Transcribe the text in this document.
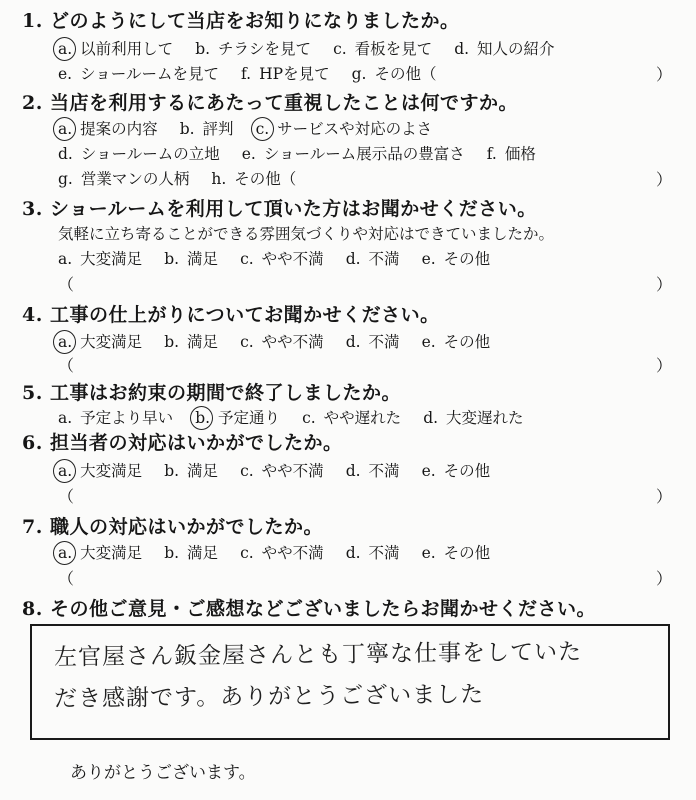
1. どのようにして当店をお知りになりましたか。
a. 以前利用して b. チラシを見て c. 看板を見て d. 知人の紹介
e. ショールームを見て f. HPを見て g. その他（	）
2. 当店を利用するにあたって重視したことは何ですか。
a. 提案の内容 b. 評判 c. サービスや対応のよさ
d. ショールームの立地 e. ショールーム展示品の豊富さ f. 価格
g. 営業マンの人柄 h. その他（	）
3. ショールームを利用して頂いた方はお聞かせください。
気軽に立ち寄ることができる雰囲気づくりや対応はできていましたか。
a. 大変満足 b. 満足 c. やや不満 d. 不満 e. その他
（	）
4. 工事の仕上がりについてお聞かせください。
a. 大変満足 b. 満足 c. やや不満 d. 不満 e. その他
（	）
5. 工事はお約束の期間で終了しましたか。
a. 予定より早い b. 予定通り c. やや遅れた d. 大変遅れた
6. 担当者の対応はいかがでしたか。
a. 大変満足 b. 満足 c. やや不満 d. 不満 e. その他
（	）
7. 職人の対応はいかがでしたか。
a. 大変満足 b. 満足 c. やや不満 d. 不満 e. その他
（	）
8. その他ご意見・ご感想などございましたらお聞かせください。
左官屋さん鈑金屋さんとも丁寧な仕事をしていた
だき感謝です。ありがとうございました
ありがとうございます。
